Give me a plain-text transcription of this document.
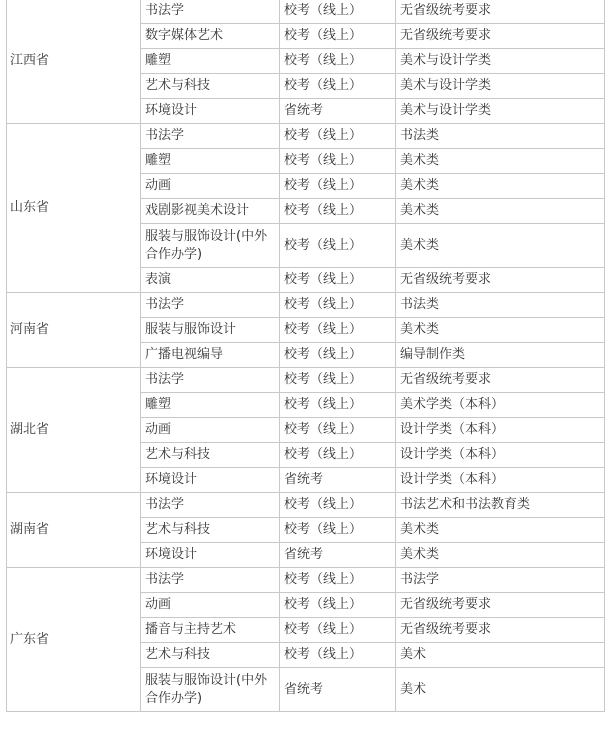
江西省	书法学	校考（线上）	无省级统考要求
	数字媒体艺术	校考（线上）	无省级统考要求
	雕塑	校考（线上）	美术与设计学类
	艺术与科技	校考（线上）	美术与设计学类
	环境设计	省统考	美术与设计学类
山东省	书法学	校考（线上）	书法类
	雕塑	校考（线上）	美术类
	动画	校考（线上）	美术类
	戏剧影视美术设计	校考（线上）	美术类
	服装与服饰设计(中外合作办学)	校考（线上）	美术类
	表演	校考（线上）	无省级统考要求
河南省	书法学	校考（线上）	书法类
	服装与服饰设计	校考（线上）	美术类
	广播电视编导	校考（线上）	编导制作类
湖北省	书法学	校考（线上）	无省级统考要求
	雕塑	校考（线上）	美术学类（本科）
	动画	校考（线上）	设计学类（本科）
	艺术与科技	校考（线上）	设计学类（本科）
	环境设计	省统考	设计学类（本科）
湖南省	书法学	校考（线上）	书法艺术和书法教育类
	艺术与科技	校考（线上）	美术类
	环境设计	省统考	美术类
广东省	书法学	校考（线上）	书法学
	动画	校考（线上）	无省级统考要求
	播音与主持艺术	校考（线上）	无省级统考要求
	艺术与科技	校考（线上）	美术
	服装与服饰设计(中外合作办学)	省统考	美术
